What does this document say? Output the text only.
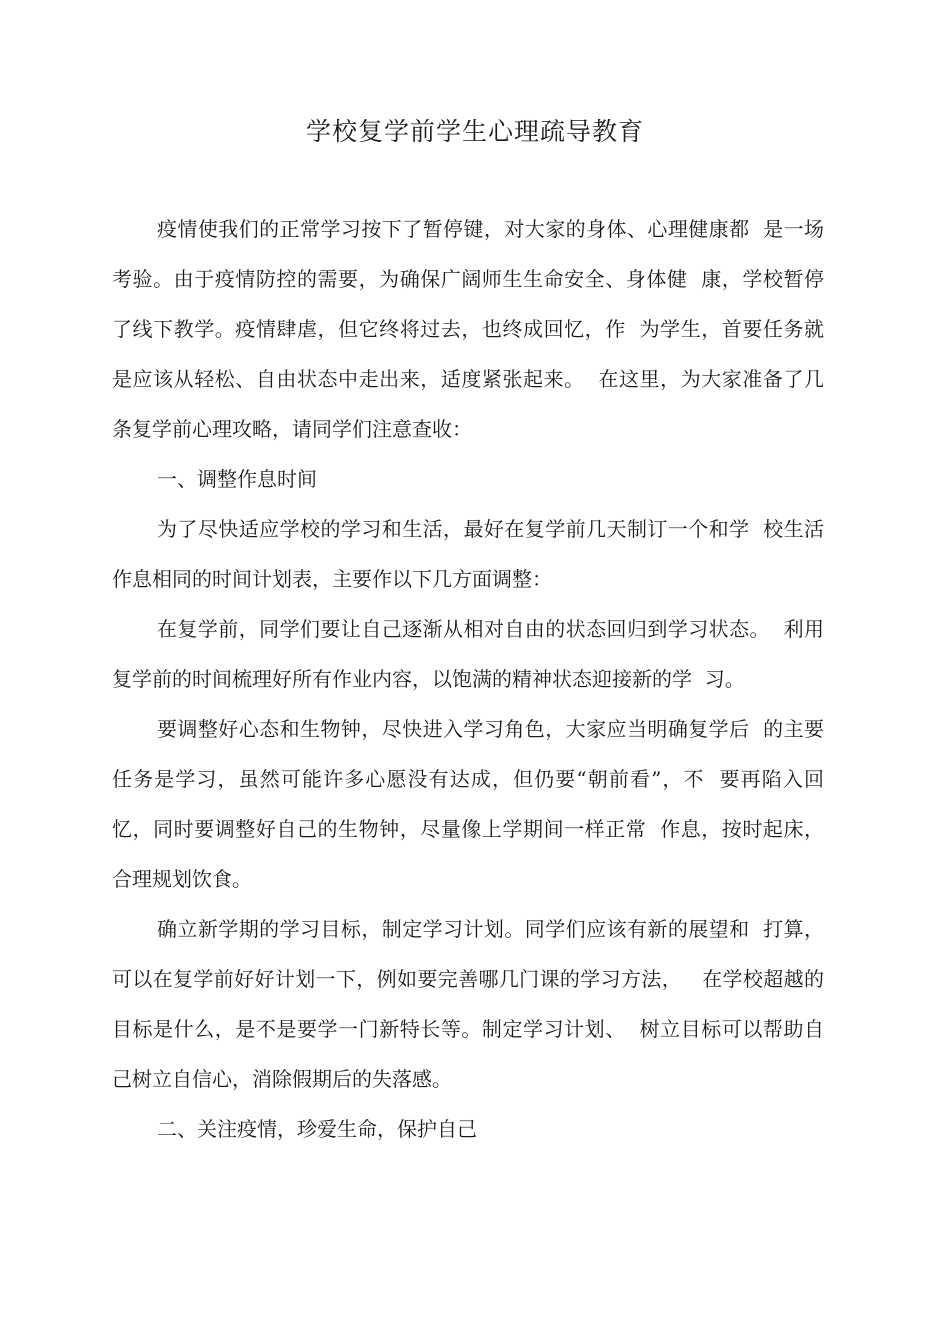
学校复学前学生心理疏导教育
疫情使我们的正常学习按下了暂停键，对大家的身体、心理健康都  是一场
考验。由于疫情防控的需要，为确保广阔师生生命安全、身体健  康，学校暂停
了线下教学。疫情肆虐，但它终将过去，也终成回忆，作  为学生，首要任务就
是应该从轻松、自由状态中走出来，适度紧张起来。  在这里，为大家准备了几
条复学前心理攻略，请同学们注意查收：
一、调整作息时间
为了尽快适应学校的学习和生活，最好在复学前几天制订一个和学  校生活
作息相同的时间计划表，主要作以下几方面调整：
在复学前，同学们要让自己逐渐从相对自由的状态回归到学习状态。  利用
复学前的时间梳理好所有作业内容，以饱满的精神状态迎接新的学  习。
要调整好心态和生物钟，尽快进入学习角色，大家应当明确复学后  的主要
任务是学习，虽然可能许多心愿没有达成，但仍要“朝前看”，不  要再陷入回
忆，同时要调整好自己的生物钟，尽量像上学期间一样正常  作息，按时起床，
合理规划饮食。
确立新学期的学习目标，制定学习计划。同学们应该有新的展望和  打算，
可以在复学前好好计划一下，例如要完善哪几门课的学习方法，   在学校超越的
目标是什么，是不是要学一门新特长等。制定学习计划、  树立目标可以帮助自
己树立自信心，消除假期后的失落感。
二、关注疫情，珍爱生命，保护自己
